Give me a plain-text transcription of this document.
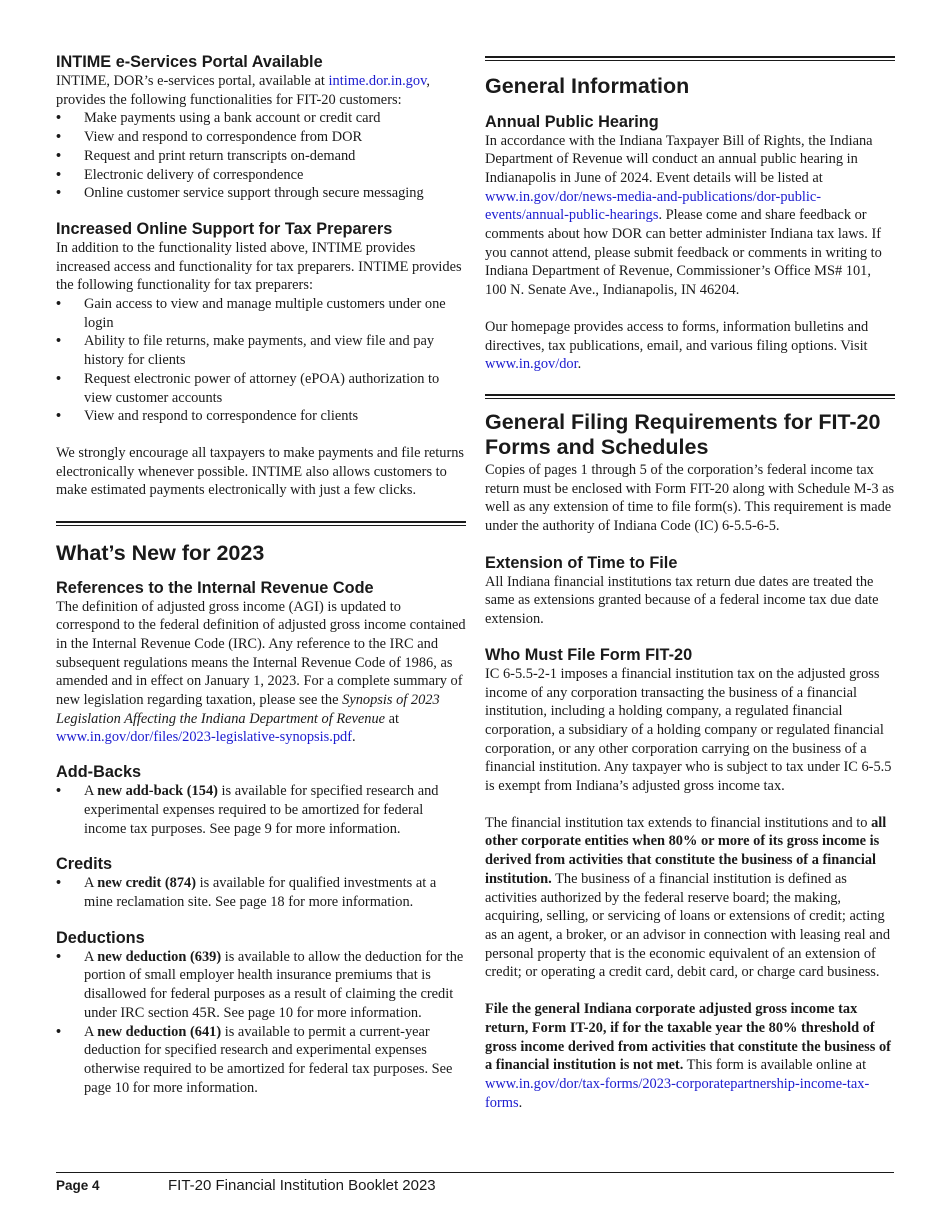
INTIME e-Services Portal Available

INTIME, DOR’s e-services portal, available at intime.dor.in.gov, provides the following functionalities for FIT-20 customers:

• Make payments using a bank account or credit card
• View and respond to correspondence from DOR
• Request and print return transcripts on-demand
• Electronic delivery of correspondence
• Online customer service support through secure messaging
Increased Online Support for Tax Preparers

In addition to the functionality listed above, INTIME provides increased access and functionality for tax preparers. INTIME provides the following functionality for tax preparers:

• Gain access to view and manage multiple customers under one login
• Ability to file returns, make payments, and view file and pay history for clients
• Request electronic power of attorney (ePOA) authorization to view customer accounts
• View and respond to correspondence for clients

We strongly encourage all taxpayers to make payments and file returns electronically whenever possible. INTIME also allows customers to make estimated payments electronically with just a few clicks.

What’s New for 2023
References to the Internal Revenue Code

The definition of adjusted gross income (AGI) is updated to correspond to the federal definition of adjusted gross income contained in the Internal Revenue Code (IRC). Any reference to the IRC and subsequent regulations means the Internal Revenue Code of 1986, as amended and in effect on January 1, 2023. For a complete summary of new legislation regarding taxation, please see the Synopsis of 2023 Legislation Affecting the Indiana Department of Revenue at www.in.gov/dor/files/2023-legislative-synopsis.pdf.

Add-Backs
• A new add-back (154) is available for specified research and experimental expenses required to be amortized for federal income tax purposes. See page 9 for more information.
Credits
• A new credit (874) is available for qualified investments at a mine reclamation site. See page 18 for more information.
Deductions
• A new deduction (639) is available to allow the deduction for the portion of small employer health insurance premiums that is disallowed for federal purposes as a result of claiming the credit under IRC section 45R. See page 10 for more information.
• A new deduction (641) is available to permit a current-year deduction for specified research and experimental expenses otherwise required to be amortized for federal tax purposes. See page 10 for more information.
General Information
Annual Public Hearing

In accordance with the Indiana Taxpayer Bill of Rights, the Indiana Department of Revenue will conduct an annual public hearing in Indianapolis in June of 2024. Event details will be listed at www.in.gov/dor/news-media-and-publications/dor-public-events/annual-public-hearings. Please come and share feedback or comments about how DOR can better administer Indiana tax laws. If you cannot attend, please submit feedback or comments in writing to Indiana Department of Revenue, Commissioner’s Office MS# 101, 100 N. Senate Ave., Indianapolis, IN 46204.

Our homepage provides access to forms, information bulletins and directives, tax publications, email, and various filing options. Visit www.in.gov/dor.

General Filing Requirements for FIT-20 Forms and Schedules

Copies of pages 1 through 5 of the corporation’s federal income tax return must be enclosed with Form FIT-20 along with Schedule M-3 as well as any extension of time to file form(s). This requirement is made under the authority of Indiana Code (IC) 6-5.5-6-5.

Extension of Time to File

All Indiana financial institutions tax return due dates are treated the same as extensions granted because of a federal income tax due date extension.

Who Must File Form FIT-20

IC 6-5.5-2-1 imposes a financial institution tax on the adjusted gross income of any corporation transacting the business of a financial institution, including a holding company, a regulated financial corporation, a subsidiary of a holding company or regulated financial corporation, or any other corporation carrying on the business of a financial institution. Any taxpayer who is subject to tax under IC 6-5.5 is exempt from Indiana’s adjusted gross income tax.

The financial institution tax extends to financial institutions and to all other corporate entities when 80% or more of its gross income is derived from activities that constitute the business of a financial institution. The business of a financial institution is defined as activities authorized by the federal reserve board; the making, acquiring, selling, or servicing of loans or extensions of credit; acting as an agent, a broker, or an advisor in connection with leasing real and personal property that is the economic equivalent of an extension of credit; or operating a credit card, debit card, or charge card business.

File the general Indiana corporate adjusted gross income tax return, Form IT-20, if for the taxable year the 80% threshold of gross income derived from activities that constitute the business of a financial institution is not met. This form is available online at www.in.gov/dor/tax-forms/2023-corporatepartnership-income-tax-forms.

Page 4	FIT-20 Financial Institution Booklet 2023
